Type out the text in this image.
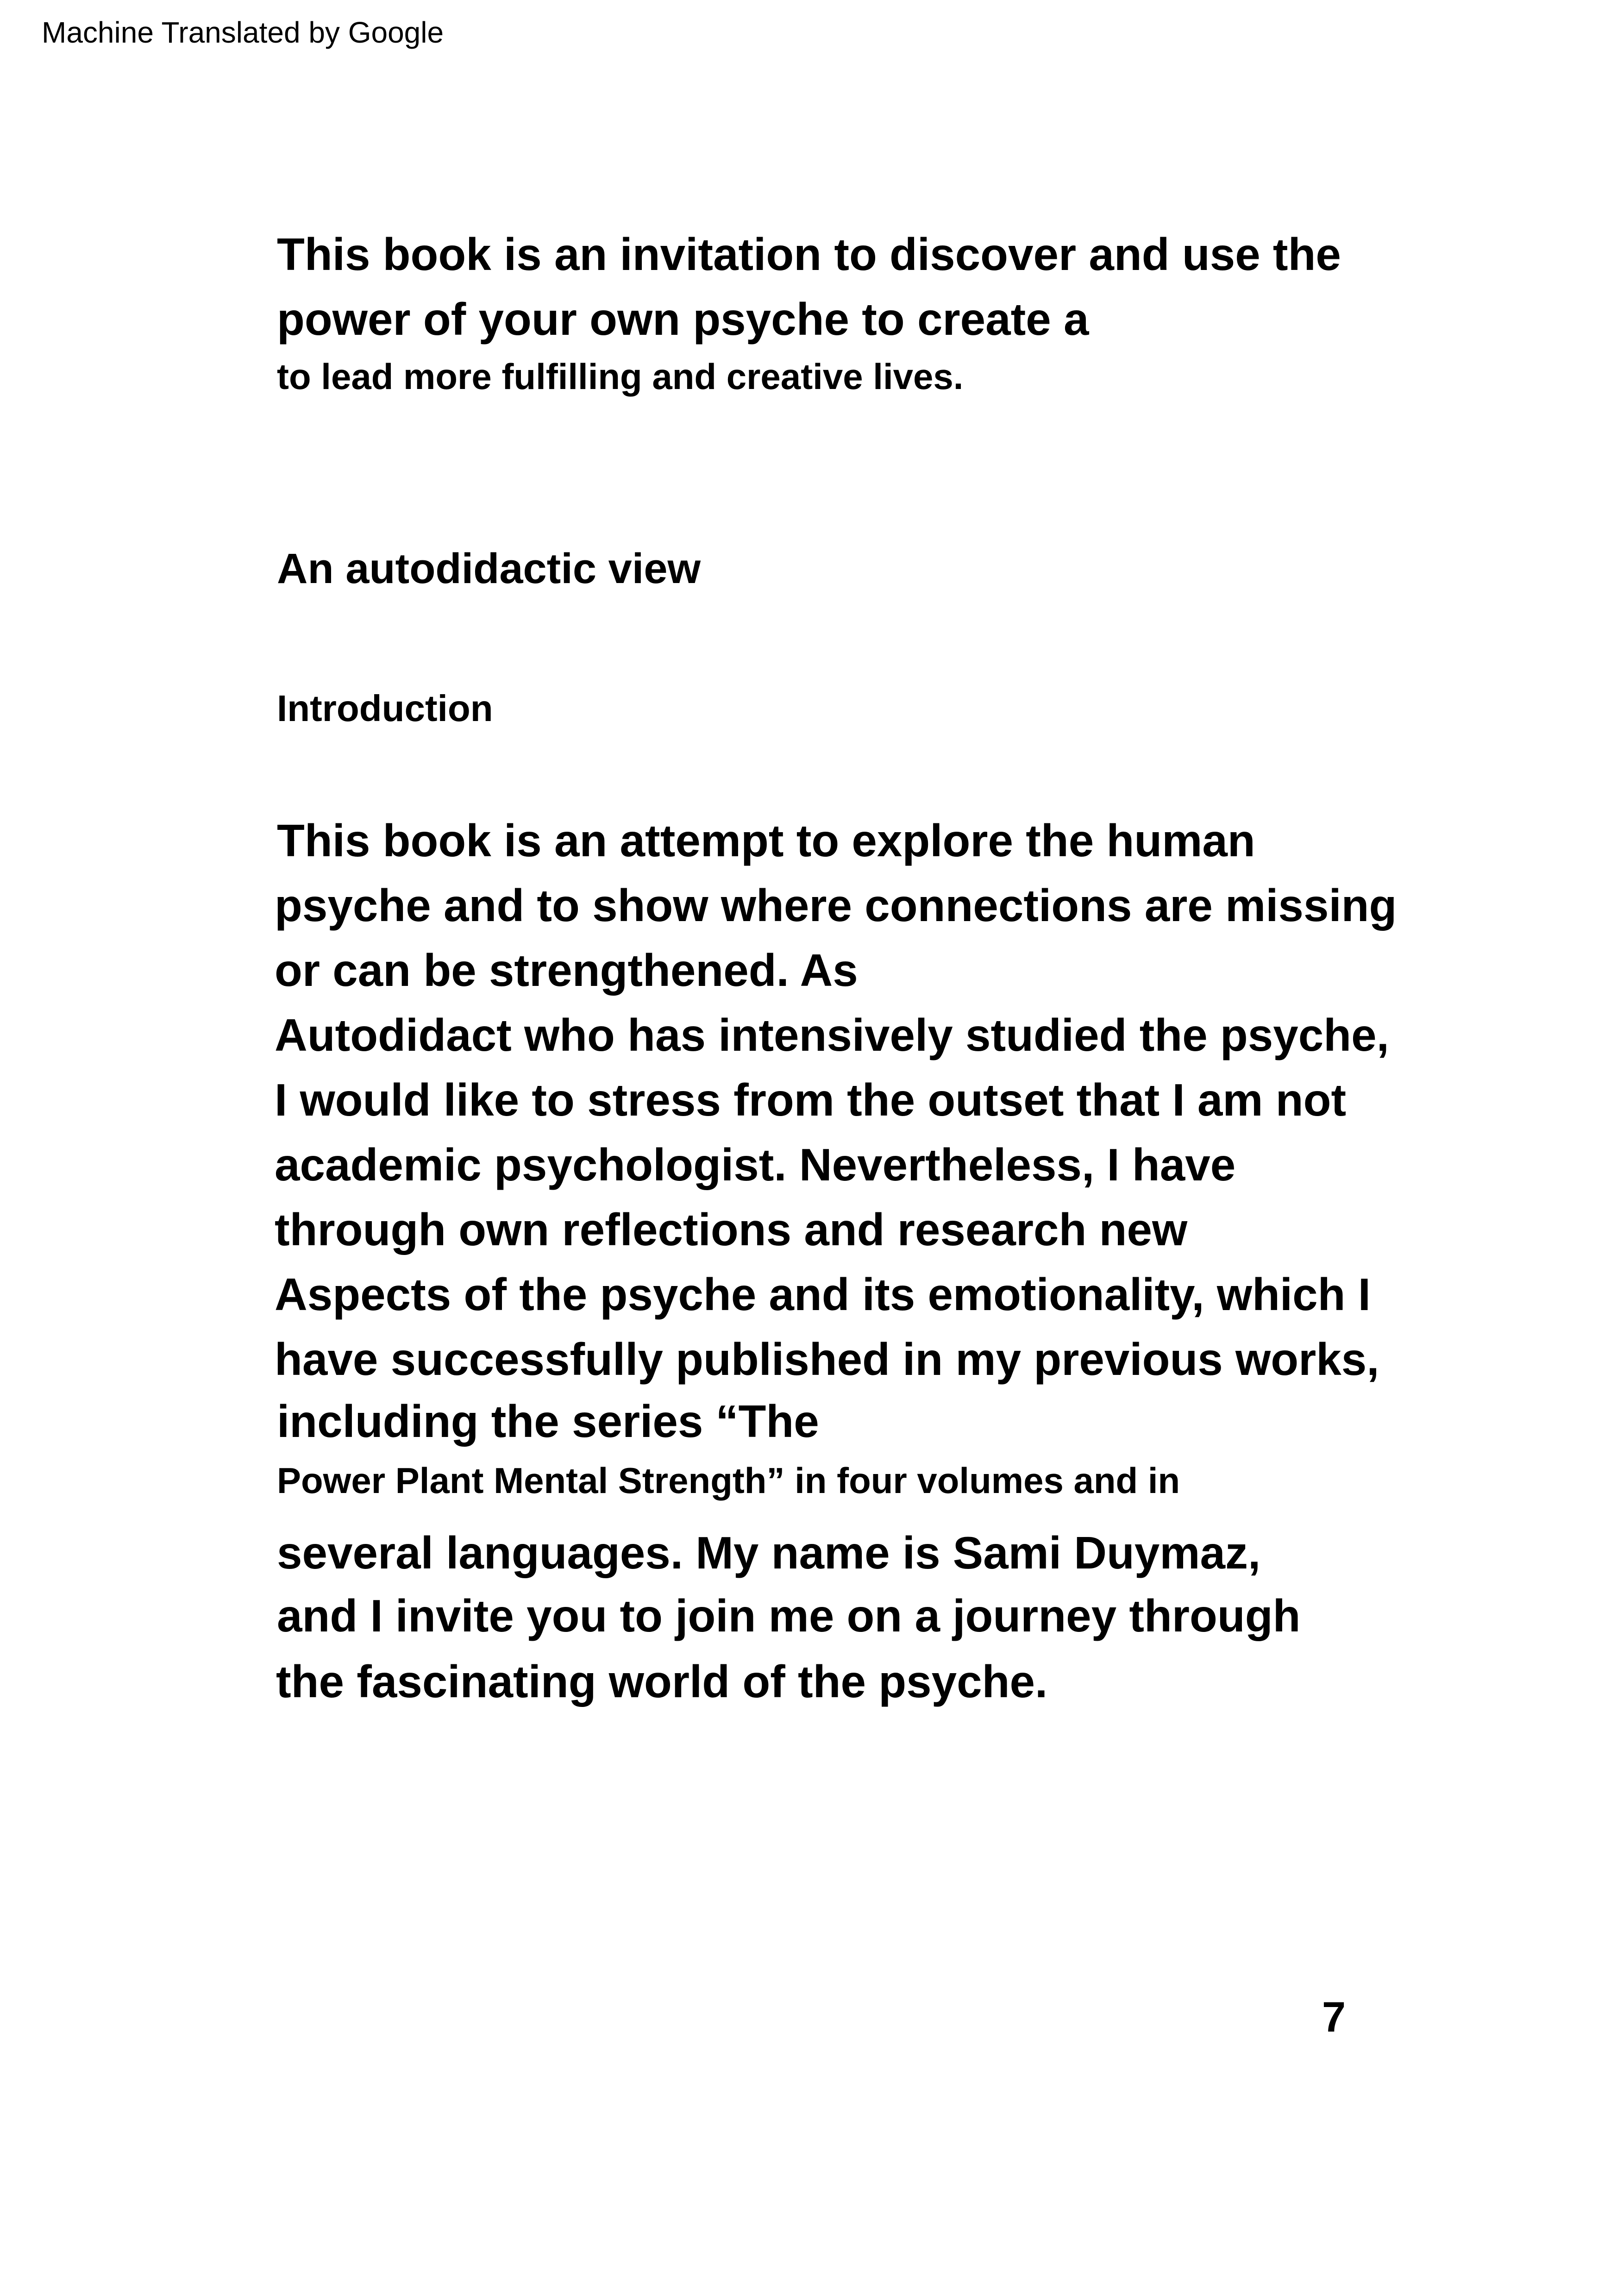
Machine Translated by Google
This book is an invitation to discover and use the
power of your own psyche to create a
to lead more fulfilling and creative lives.
An autodidactic view
Introduction
This book is an attempt to explore the human
psyche and to show where connections are missing
or can be strengthened. As
Autodidact who has intensively studied the psyche,
I would like to stress from the outset that I am not
academic psychologist. Nevertheless, I have
through own reflections and research new
Aspects of the psyche and its emotionality, which I
have successfully published in my previous works,
including the series “The
Power Plant Mental Strength” in four volumes and in
several languages. My name is Sami Duymaz,
and I invite you to join me on a journey through
the fascinating world of the psyche.
7
